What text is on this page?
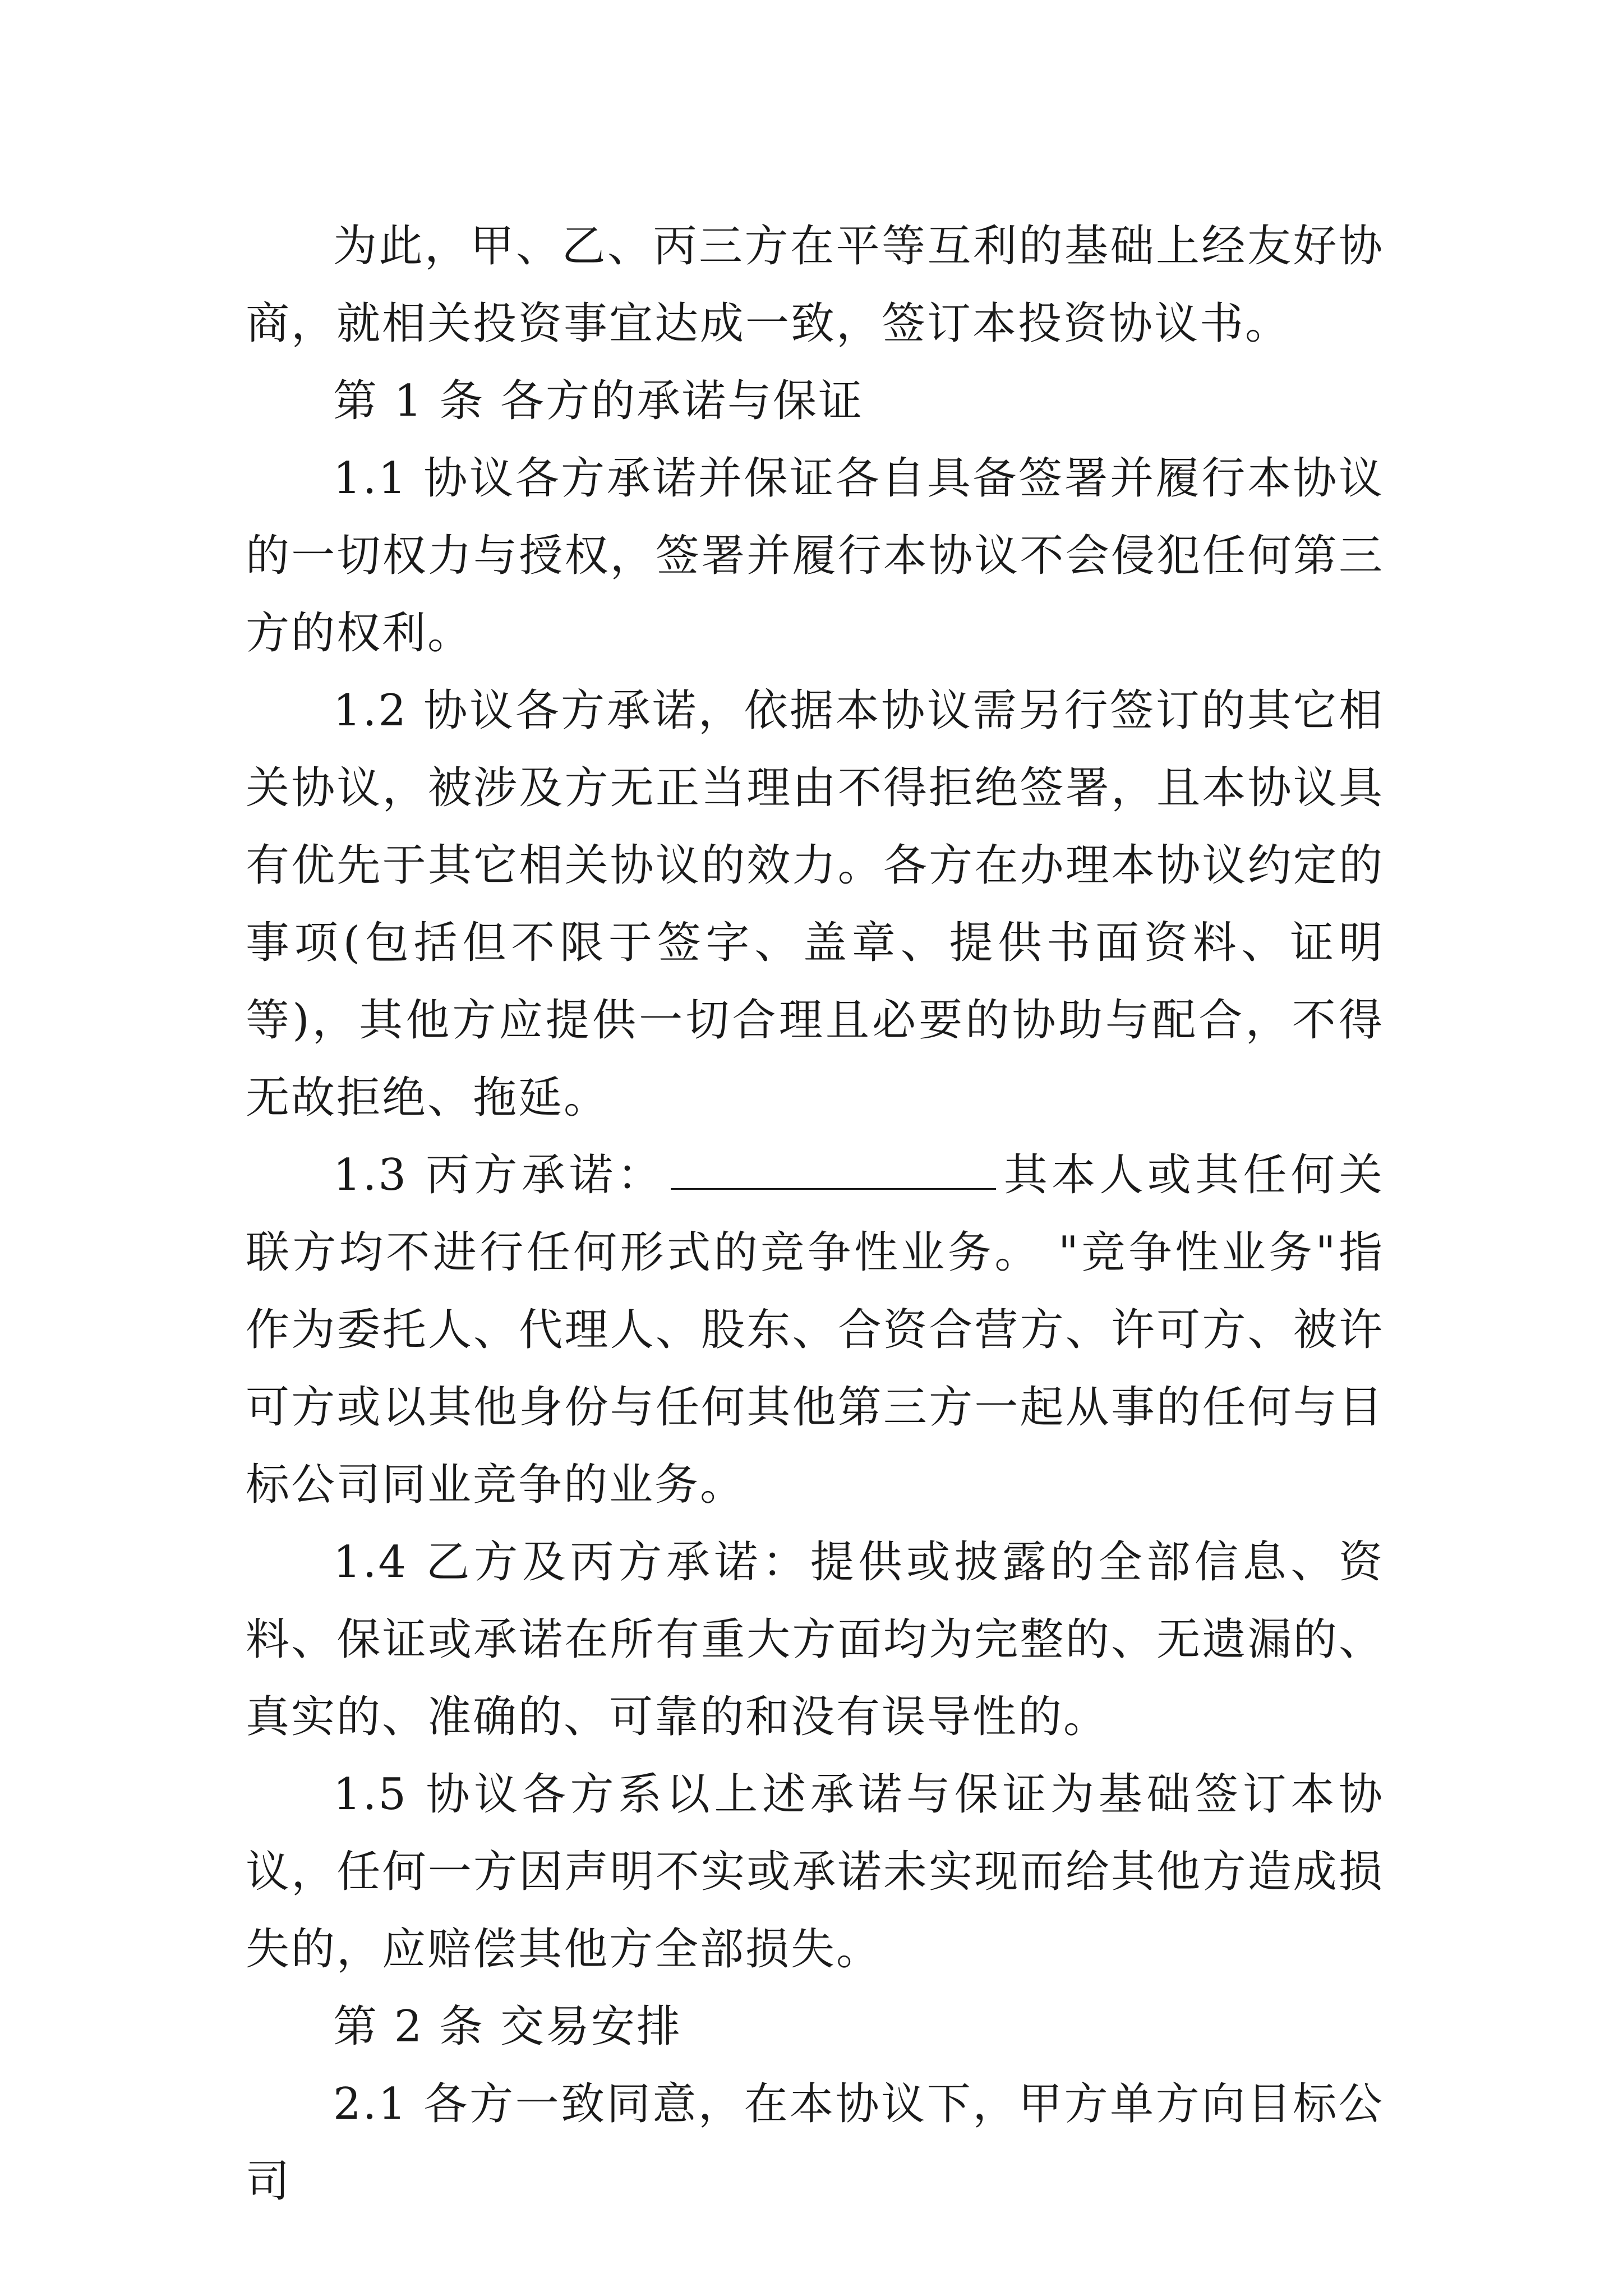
为此，甲、乙、丙三方在平等互利的基础上经友好协商，就相关投资事宜达成一致，签订本投资协议书。

第 1 条 各方的承诺与保证

1.1 协议各方承诺并保证各自具备签署并履行本协议的一切权力与授权，签署并履行本协议不会侵犯任何第三方的权利。

1.2 协议各方承诺，依据本协议需另行签订的其它相关协议，被涉及方无正当理由不得拒绝签署，且本协议具有优先于其它相关协议的效力。各方在办理本协议约定的事项(包括但不限于签字、盖章、提供书面资料、证明等)，其他方应提供一切合理且必要的协助与配合，不得无故拒绝、拖延。

1.3 丙方承诺：	其本人或其任何关联方均不进行任何形式的竞争性业务。 "竞争性业务"指作为委托人、代理人、股东、合资合营方、许可方、被许可方或以其他身份与任何其他第三方一起从事的任何与目标公司同业竞争的业务。

1.4 乙方及丙方承诺：提供或披露的全部信息、资料、保证或承诺在所有重大方面均为完整的、无遗漏的、真实的、准确的、可靠的和没有误导性的。

1.5 协议各方系以上述承诺与保证为基础签订本协议，任何一方因声明不实或承诺未实现而给其他方造成损失的，应赔偿其他方全部损失。

第 2 条 交易安排

2.1 各方一致同意，在本协议下，甲方单方向目标公司
